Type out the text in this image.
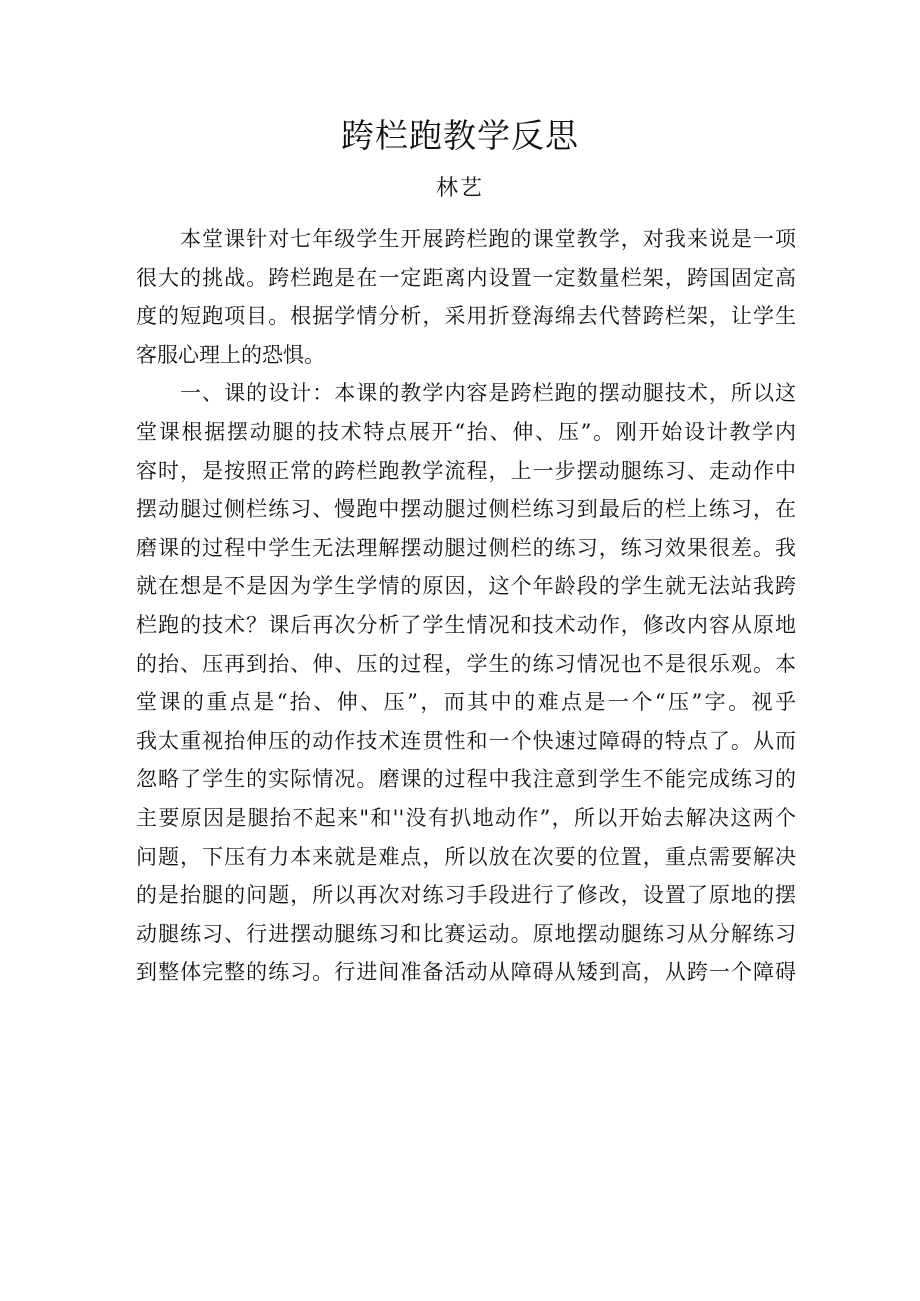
跨栏跑教学反思
林艺
本堂课针对七年级学生开展跨栏跑的课堂教学，对我来说是一项
很大的挑战。跨栏跑是在一定距离内设置一定数量栏架，跨国固定高
度的短跑项目。根据学情分析，采用折登海绵去代替跨栏架，让学生
客服心理上的恐惧。
一、课的设计：本课的教学内容是跨栏跑的摆动腿技术，所以这
堂课根据摆动腿的技术特点展开“抬、伸、压”。刚开始设计教学内
容时，是按照正常的跨栏跑教学流程，上一步摆动腿练习、走动作中
摆动腿过侧栏练习、慢跑中摆动腿过侧栏练习到最后的栏上练习，在
磨课的过程中学生无法理解摆动腿过侧栏的练习，练习效果很差。我
就在想是不是因为学生学情的原因，这个年龄段的学生就无法站我跨
栏跑的技术？课后再次分析了学生情况和技术动作，修改内容从原地
的抬、压再到抬、伸、压的过程，学生的练习情况也不是很乐观。本
堂课的重点是“抬、伸、压”，而其中的难点是一个“压”字。视乎
我太重视抬伸压的动作技术连贯性和一个快速过障碍的特点了。从而
忽略了学生的实际情况。磨课的过程中我注意到学生不能完成练习的
主要原因是腿抬不起来"和''没有扒地动作”，所以开始去解决这两个
问题，下压有力本来就是难点，所以放在次要的位置，重点需要解决
的是抬腿的问题，所以再次对练习手段进行了修改，设置了原地的摆
动腿练习、行进摆动腿练习和比赛运动。原地摆动腿练习从分解练习
到整体完整的练习。行进间准备活动从障碍从矮到高，从跨一个障碍
